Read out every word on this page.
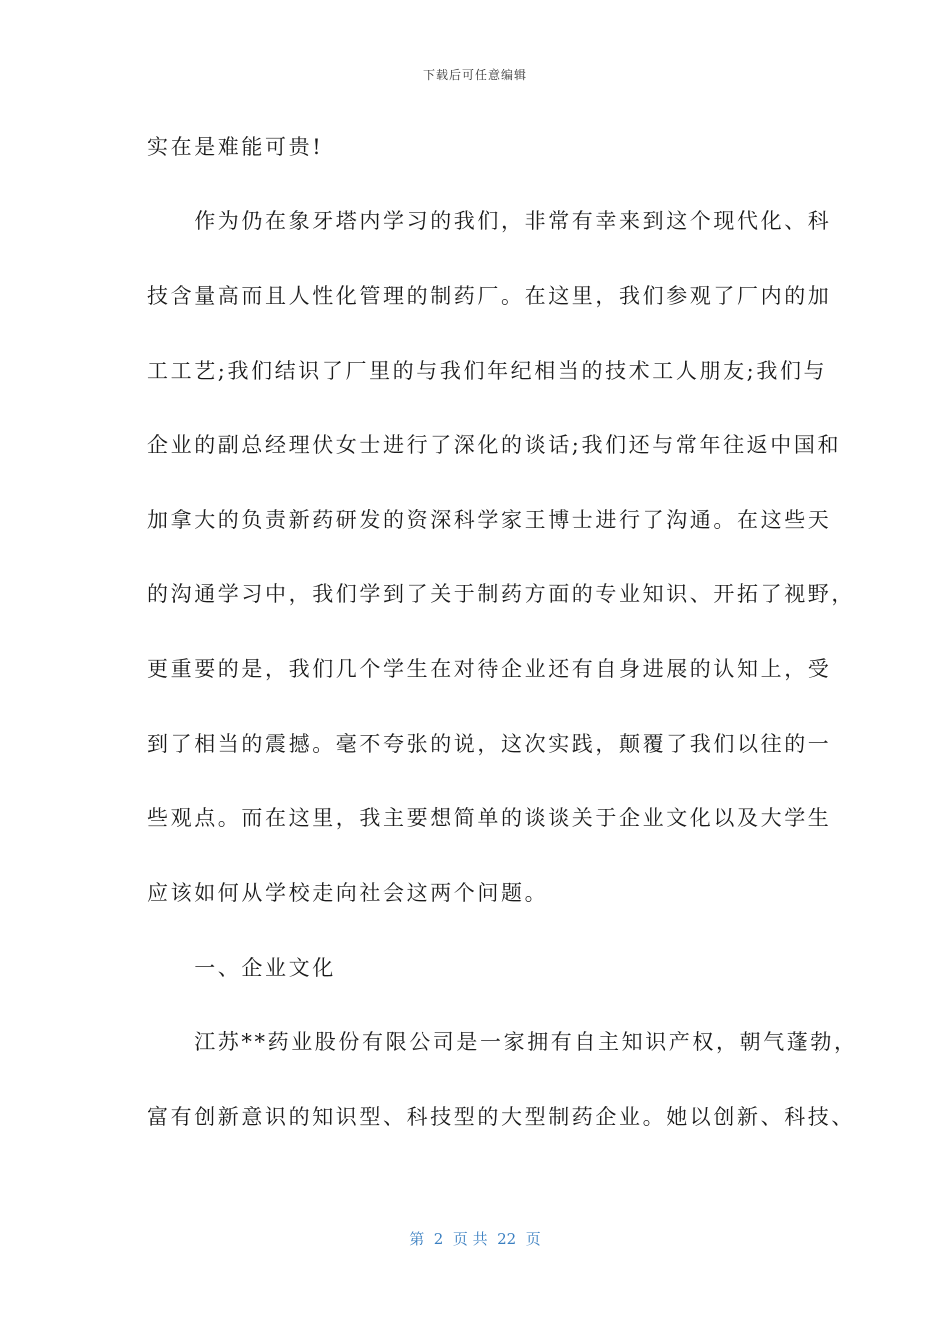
下载后可任意编辑
实在是难能可贵!
　　作为仍在象牙塔内学习的我们，非常有幸来到这个现代化、科
技含量高而且人性化管理的制药厂。在这里，我们参观了厂内的加
工工艺;我们结识了厂里的与我们年纪相当的技术工人朋友;我们与
企业的副总经理伏女士进行了深化的谈话;我们还与常年往返中国和
加拿大的负责新药研发的资深科学家王博士进行了沟通。在这些天
的沟通学习中，我们学到了关于制药方面的专业知识、开拓了视野，
更重要的是，我们几个学生在对待企业还有自身进展的认知上，受
到了相当的震撼。毫不夸张的说，这次实践，颠覆了我们以往的一
些观点。而在这里，我主要想简单的谈谈关于企业文化以及大学生
应该如何从学校走向社会这两个问题。
　　一、企业文化
　　江苏**药业股份有限公司是一家拥有自主知识产权，朝气蓬勃，
富有创新意识的知识型、科技型的大型制药企业。她以创新、科技、
第  2  页 共  22  页
